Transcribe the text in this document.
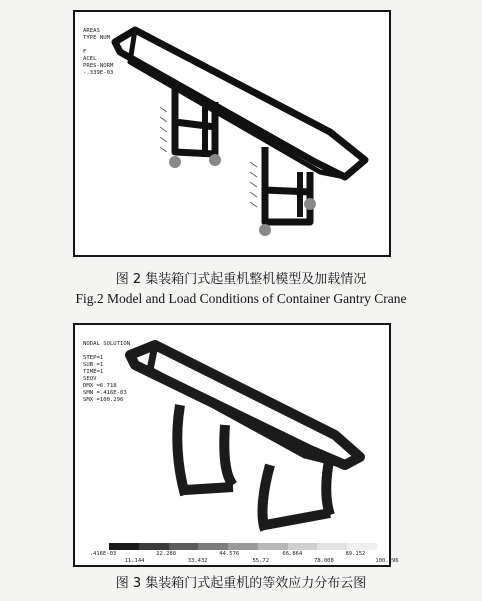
AREAS
TYPE NUM

F
ACEL
PRES-NORM
-.339E-03

图 2 集装箱门式起重机整机模型及加载情况
Fig.2 Model and Load Conditions of Container Gantry Crane

NODAL SOLUTION

STEP=1
SUB =1
TIME=1
SEQV
DMX =6.718
SMN =.416E-03
SMX =100.296

.416E-03	22.288	44.576	66.864	89.152
11.144	33.432	55.72	78.008	100.296
图 3 集装箱门式起重机的等效应力分布云图
